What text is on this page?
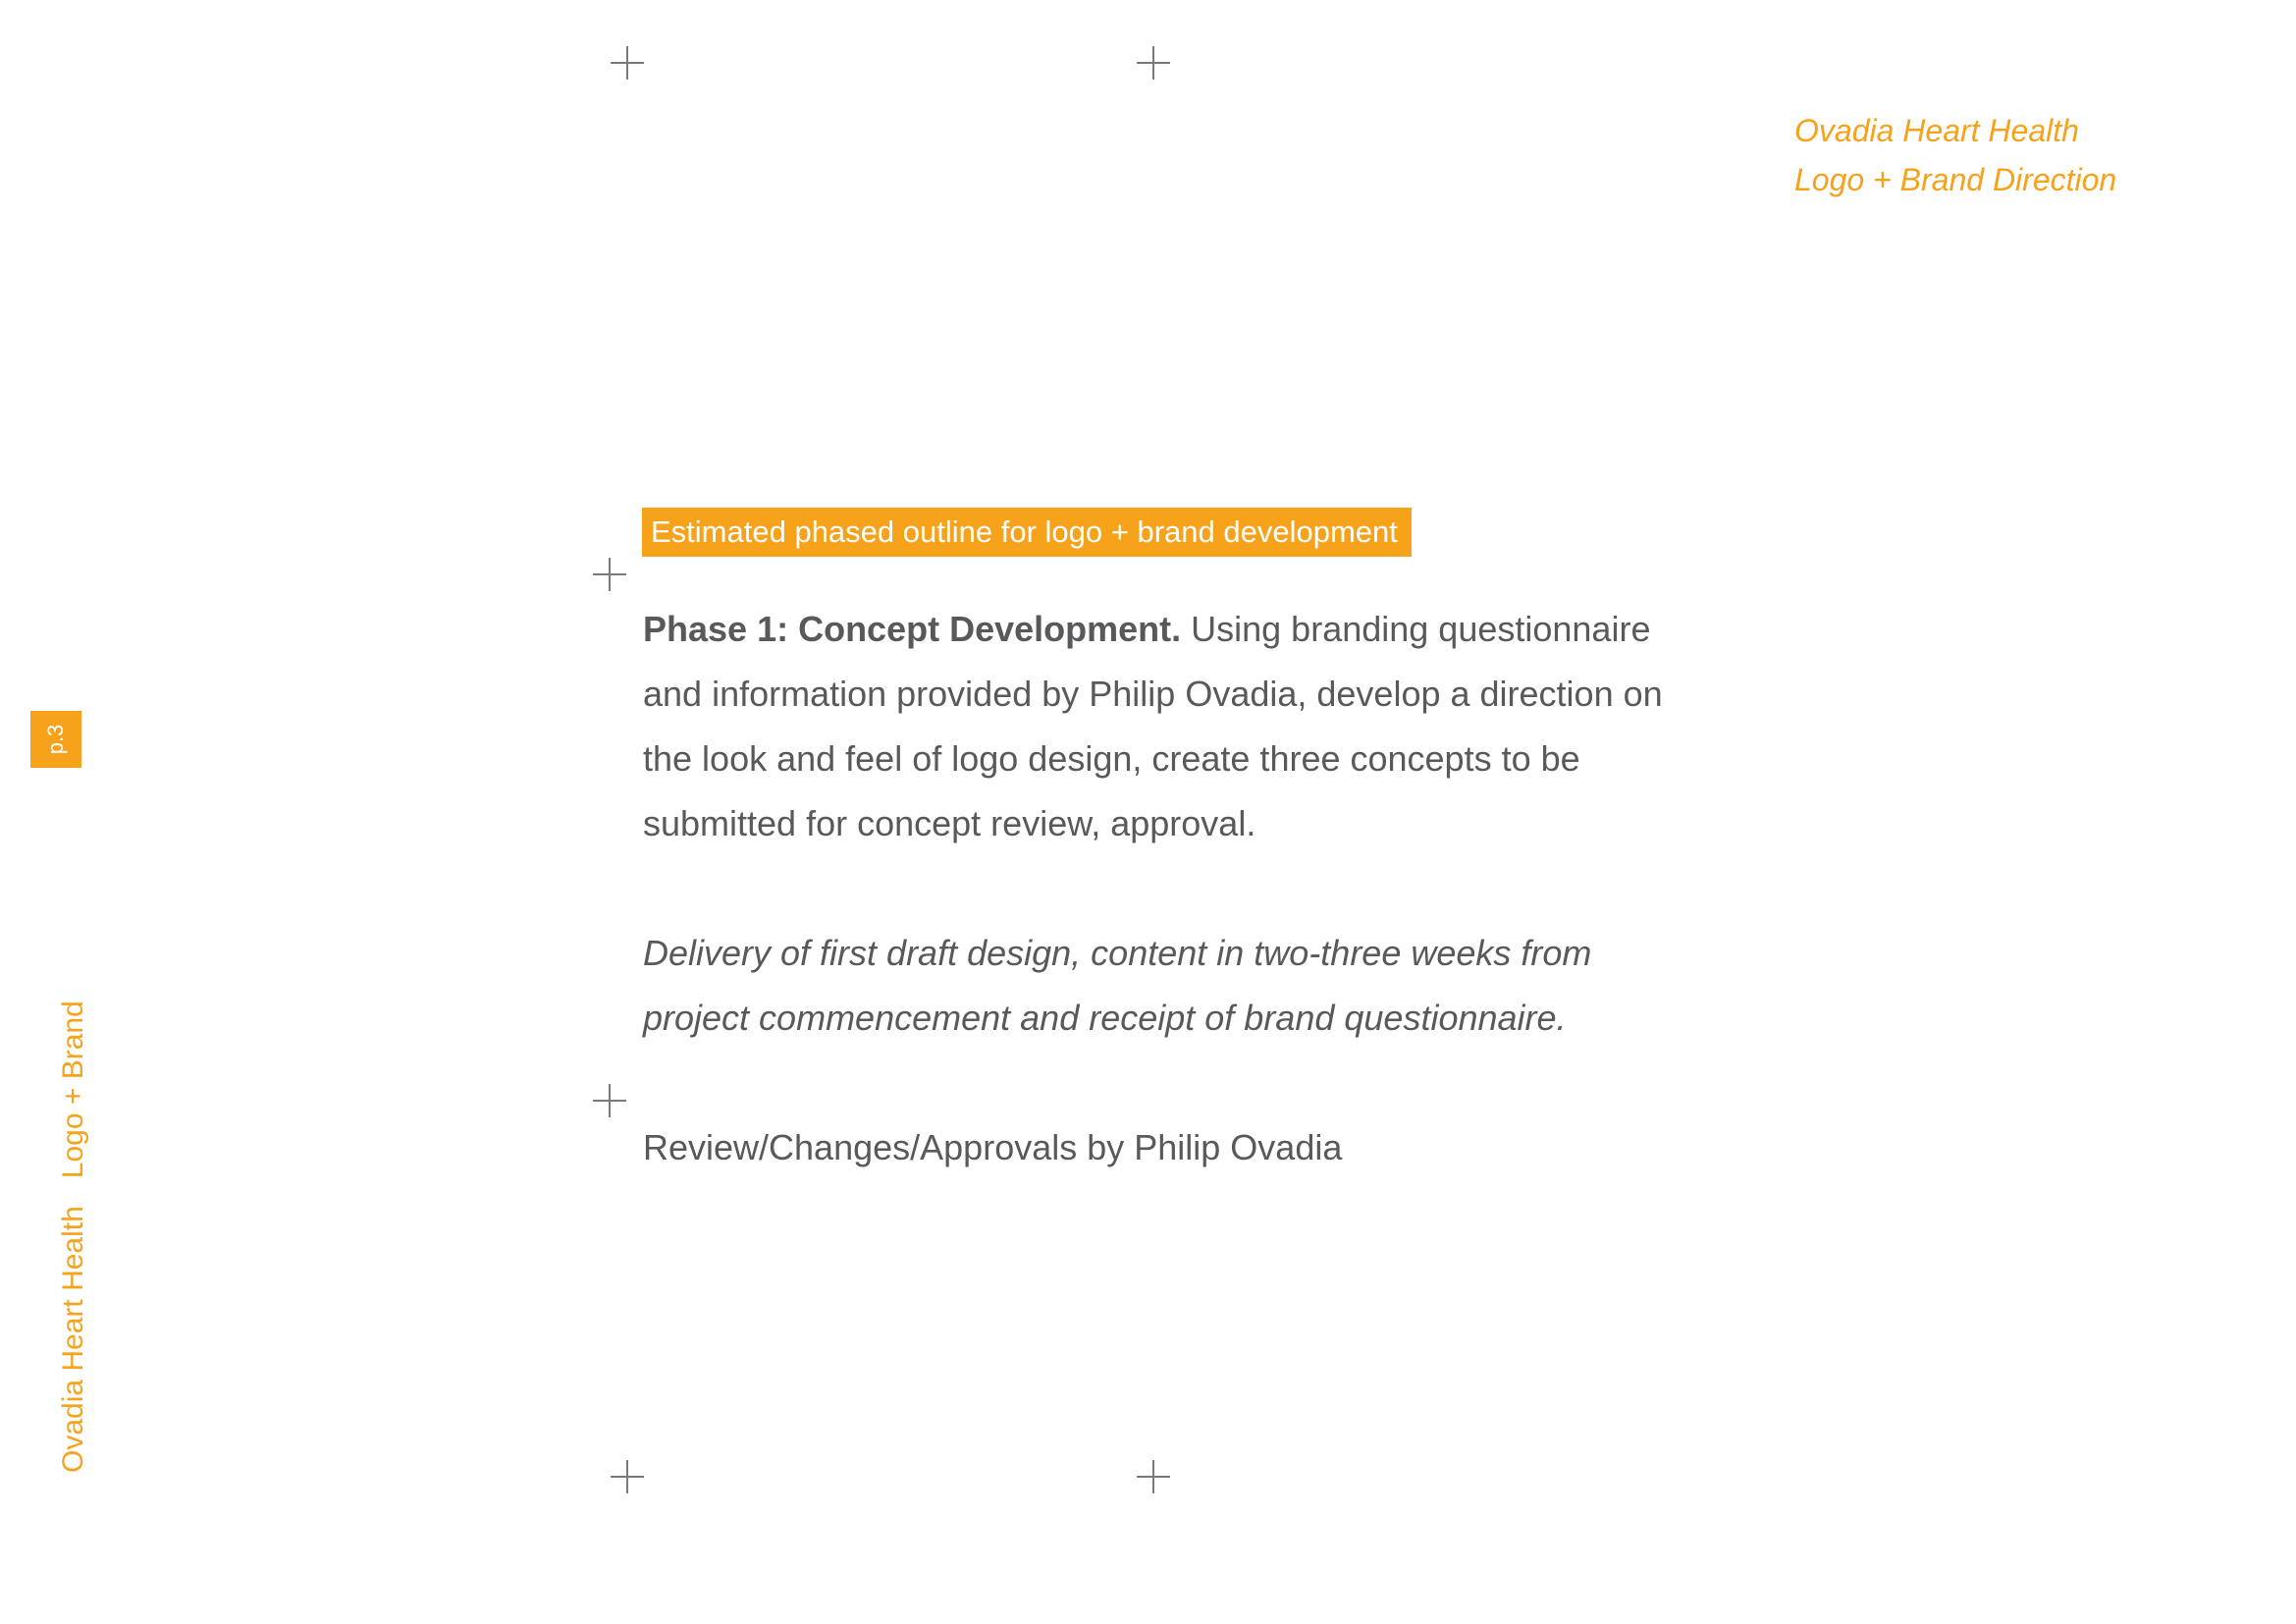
Ovadia Heart Health
Logo + Brand Direction
Estimated phased outline for logo + brand development

Phase 1: Concept Development. Using branding questionnaire and information provided by Philip Ovadia, develop a direction on the look and feel of logo design, create three concepts to be submitted for concept review, approval.

Delivery of first draft design, content in two-three weeks from project commencement and receipt of brand questionnaire.

Review/Changes/Approvals by Philip Ovadia

p.3
Ovadia Heart HealthLogo + Brand
